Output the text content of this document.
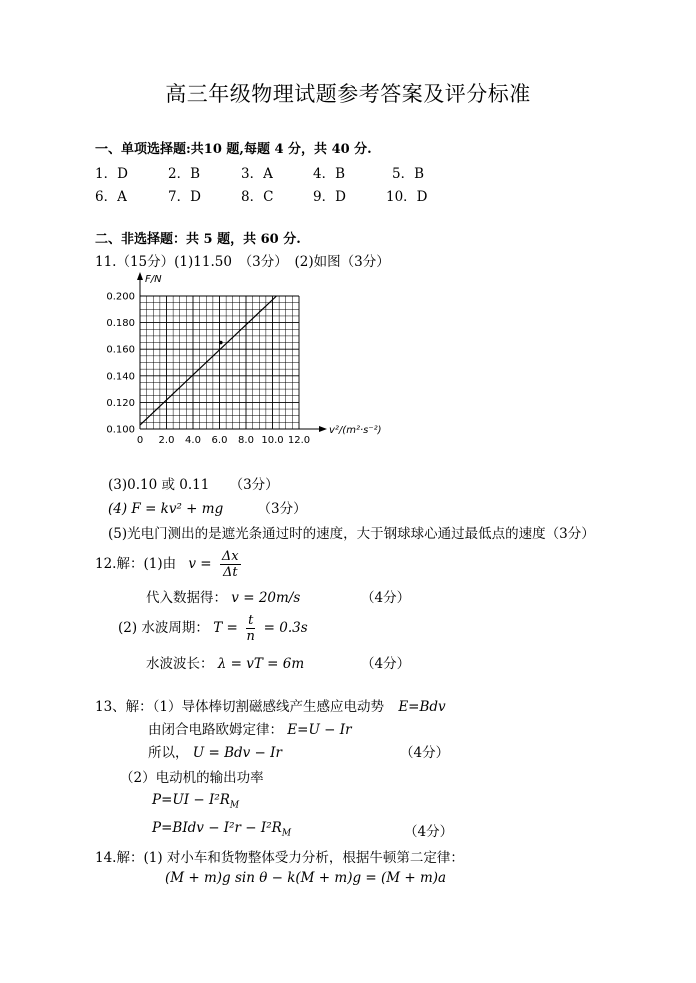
高三年级物理试题参考答案及评分标准
一、单项选择题:共10 题,每题 4 分，共 40 分.
1．D	2．B	3．A	4．B	5．B
6．A	7．D	8．C	9．D	10．D
二、非选择题：共 5 题，共 60 分.
11.（15分）(1)11.50　（3分）　(2)如图（3分）
0.100
0.120
0.140
0.160
0.180
0.200
0 2.0 4.0 6.0 8.0 10.0 12.0
F/N
v²/(m²·s⁻²)
(3)0.10 或 0.11　　（3分）
(4) F = kv² + mg	（3分）
(5)光电门测出的是遮光条通过时的速度，大于钢球球心通过最低点的速度（3分）
12.解：(1)由 $v = \frac{\Delta x}{\Delta t}$
代入数据得： v = 20m/s	（4分）
(2) 水波周期： $T = \frac{t}{n} = 0.3s$
水波波长： λ = vT = 6m	（4分）
13、解：（1）导体棒切割磁感线产生感应电动势 E=Bdv
由闭合电路欧姆定律： E=U − Ir
所以， U = Bdv − Ir	（4分）
（2）电动机的输出功率
$P=UI - I^2R_M$
P=BIdv − $I^2r - I^2R_M$	（4分）
14.解：(1) 对小车和货物整体受力分析，根据牛顿第二定律：
(M + m)g sin θ − k(M + m)g = (M + m)a
